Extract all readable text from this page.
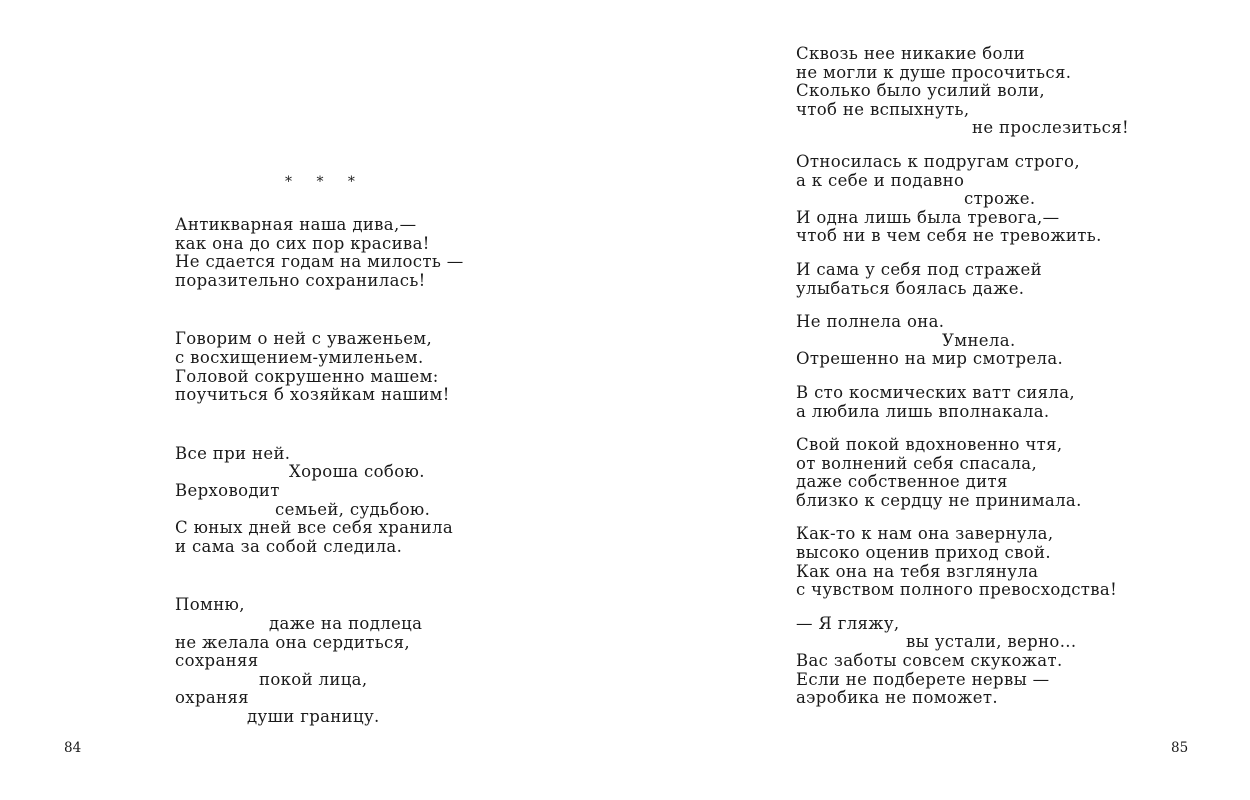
* * *
Антикварная наша дива,—
как она до сих пор красива!
Не сдается годам на милость —
поразительно сохранилась!
Говорим о ней с уваженьем,
с восхищением-умиленьем.
Головой сокрушенно машем:
поучиться б хозяйкам нашим!
Все при ней.
Хороша собою.
Верховодит
семьей, судьбою.
С юных дней все себя хранила
и сама за собой следила.
Помню,
даже на подлеца
не желала она сердиться,
сохраняя
покой лица,
охраняя
души границу.
84
Сквозь нее никакие боли
не могли к душе просочиться.
Сколько было усилий воли,
чтоб не вспыхнуть,
не прослезиться!
Относилась к подругам строго,
а к себе и подавно
строже.
И одна лишь была тревога,—
чтоб ни в чем себя не тревожить.
И сама у себя под стражей
улыбаться боялась даже.
Не полнела она.
Умнела.
Отрешенно на мир смотрела.
В сто космических ватт сияла,
а любила лишь вполнакала.
Свой покой вдохновенно чтя,
от волнений себя спасала,
даже собственное дитя
близко к сердцу не принимала.
Как-то к нам она завернула,
высоко оценив приход свой.
Как она на тебя взглянула
с чувством полного превосходства!
— Я гляжу,
вы устали, верно...
Вас заботы совсем скукожат.
Если не подберете нервы —
аэробика не поможет.
85
